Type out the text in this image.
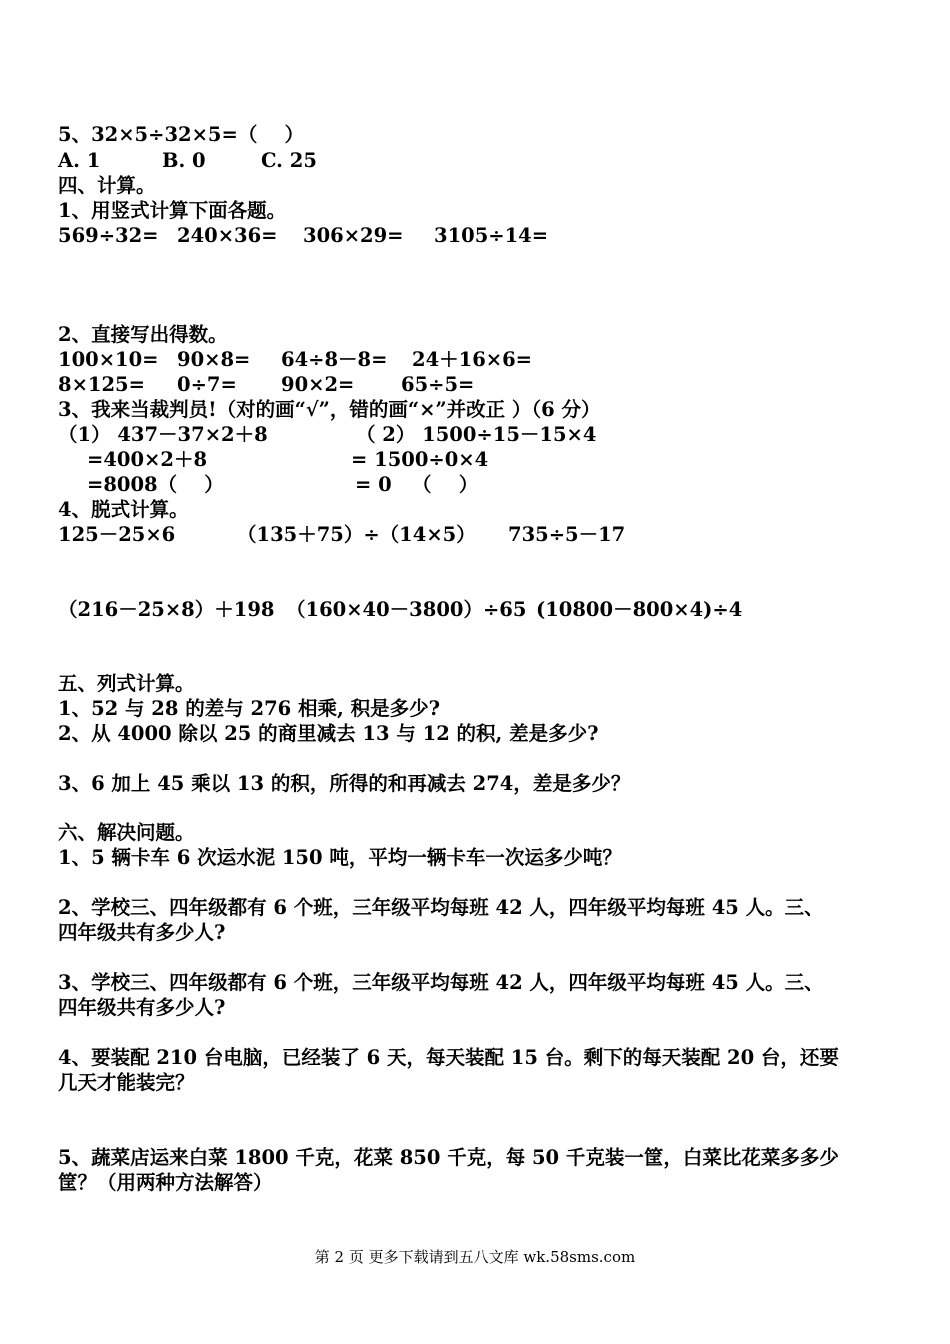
5、32×5÷32×5=（    ）
A. 1	B. 0	C. 25
四、计算。
1、用竖式计算下面各题。
569÷32= 240×36= 306×29= 3105÷14=
2、直接写出得数。
100×10= 90×8= 64÷8－8= 24＋16×6=
8×125= 0÷7= 90×2= 65÷5=
3、我来当裁判员!（对的画“√”，错的画“×”并改正 ）（6 分）
（1） 437－37×2＋8
=400×2＋8
=8008（    ）
（ 2） 1500÷15－15×4
= 1500÷0×4
= 0   （    ）
4、脱式计算。
125－25×6	（135＋75）÷（14×5） 735÷5－17
（216－25×8）＋198 （160×40－3800）÷65 (10800－800×4)÷4
五、列式计算。
1、52 与 28 的差与 276 相乘, 积是多少?
2、从 4000 除以 25 的商里减去 13 与 12 的积, 差是多少?
3、6 加上 45 乘以 13 的积，所得的和再减去 274，差是多少？
六、解决问题。
1、5 辆卡车 6 次运水泥 150 吨，平均一辆卡车一次运多少吨？
2、学校三、四年级都有 6 个班，三年级平均每班 42 人，四年级平均每班 45 人。三、
四年级共有多少人?
3、学校三、四年级都有 6 个班，三年级平均每班 42 人，四年级平均每班 45 人。三、
四年级共有多少人?
4、要装配 210 台电脑，已经装了 6 天，每天装配 15 台。剩下的每天装配 20 台，还要
几天才能装完？
5、蔬菜店运来白菜 1800 千克，花菜 850 千克，每 50 千克装一筐，白菜比花菜多多少
筐？（用两种方法解答）
第 2 页 更多下载请到五八文库 wk.58sms.com
